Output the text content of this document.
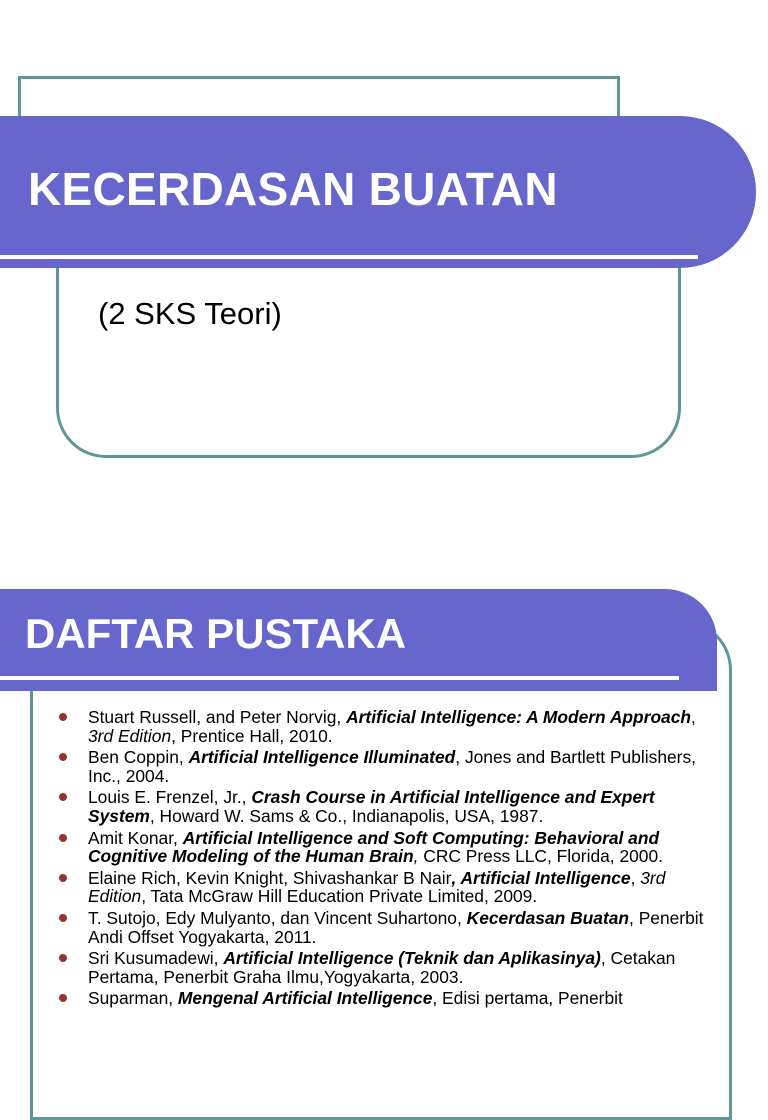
KECERDASAN BUATAN

(2 SKS Teori)

DAFTAR PUSTAKA
Stuart Russell, and Peter Norvig, Artificial Intelligence: A Modern Approach, 3rd Edition, Prentice Hall, 2010.
Ben Coppin, Artificial Intelligence Illuminated, Jones and Bartlett Publishers, Inc., 2004.
Louis E. Frenzel, Jr., Crash Course in Artificial Intelligence and Expert System, Howard W. Sams & Co., Indianapolis, USA, 1987.
Amit Konar, Artificial Intelligence and Soft Computing: Behavioral and Cognitive Modeling of the Human Brain, CRC Press LLC, Florida, 2000.
Elaine Rich, Kevin Knight, Shivashankar B Nair, Artificial Intelligence, 3rd Edition, Tata McGraw Hill Education Private Limited, 2009.
T. Sutojo, Edy Mulyanto, dan Vincent Suhartono, Kecerdasan Buatan, Penerbit Andi Offset Yogyakarta, 2011.
Sri Kusumadewi, Artificial Intelligence (Teknik dan Aplikasinya), Cetakan Pertama, Penerbit Graha Ilmu,Yogyakarta, 2003.
Suparman, Mengenal Artificial Intelligence, Edisi pertama, Penerbit
